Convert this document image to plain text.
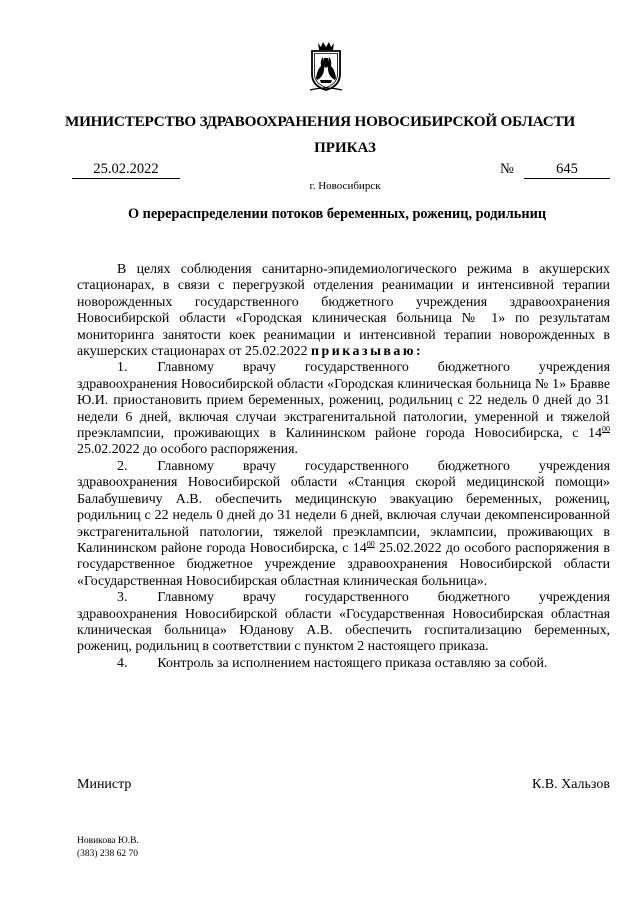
МИНИСТЕРСТВО ЗДРАВООХРАНЕНИЯ НОВОСИБИРСКОЙ ОБЛАСТИ
ПРИКАЗ
25.02.2022	№	645
г. Новосибирск
О перераспределении потоков беременных, рожениц, родильниц

В целях соблюдения санитарно-эпидемиологического режима в акушерских стационарах, в связи с перегрузкой отделения реанимации и интенсивной терапии новорожденных государственного бюджетного учреждения здравоохранения Новосибирской области «Городская клиническая больница № 1» по результатам мониторинга занятости коек реанимации и интенсивной терапии новорожденных в акушерских стационарах от 25.02.2022 приказываю:

1. Главному врачу государственного бюджетного учреждения здравоохранения Новосибирской области «Городская клиническая больница № 1» Бравве Ю.И. приостановить прием беременных, рожениц, родильниц с 22 недель 0 дней до 31 недели 6 дней, включая случаи экстрагенитальной патологии, умеренной и тяжелой преэклампсии, проживающих в Калининском районе города Новосибирска, с $14^{00}$ 25.02.2022 до особого распоряжения.

2. Главному врачу государственного бюджетного учреждения здравоохранения Новосибирской области «Станция скорой медицинской помощи» Балабушевичу А.В. обеспечить медицинскую эвакуацию беременных, рожениц, родильниц с 22 недель 0 дней до 31 недели 6 дней, включая случаи декомпенсированной экстрагенитальной патологии, тяжелой преэклампсии, эклампсии, проживающих в Калининском районе города Новосибирска, с $14^{00}$ 25.02.2022 до особого распоряжения в государственное бюджетное учреждение здравоохранения Новосибирской области «Государственная Новосибирская областная клиническая больница».

3. Главному врачу государственного бюджетного учреждения здравоохранения Новосибирской области «Государственная Новосибирская областная клиническая больница» Юданову А.В. обеспечить госпитализацию беременных, рожениц, родильниц в соответствии с пунктом 2 настоящего приказа.

4. Контроль за исполнением настоящего приказа оставляю за собой.

Министр	К.В. Хальзов
Новикова Ю.В.
(383) 238 62 70
